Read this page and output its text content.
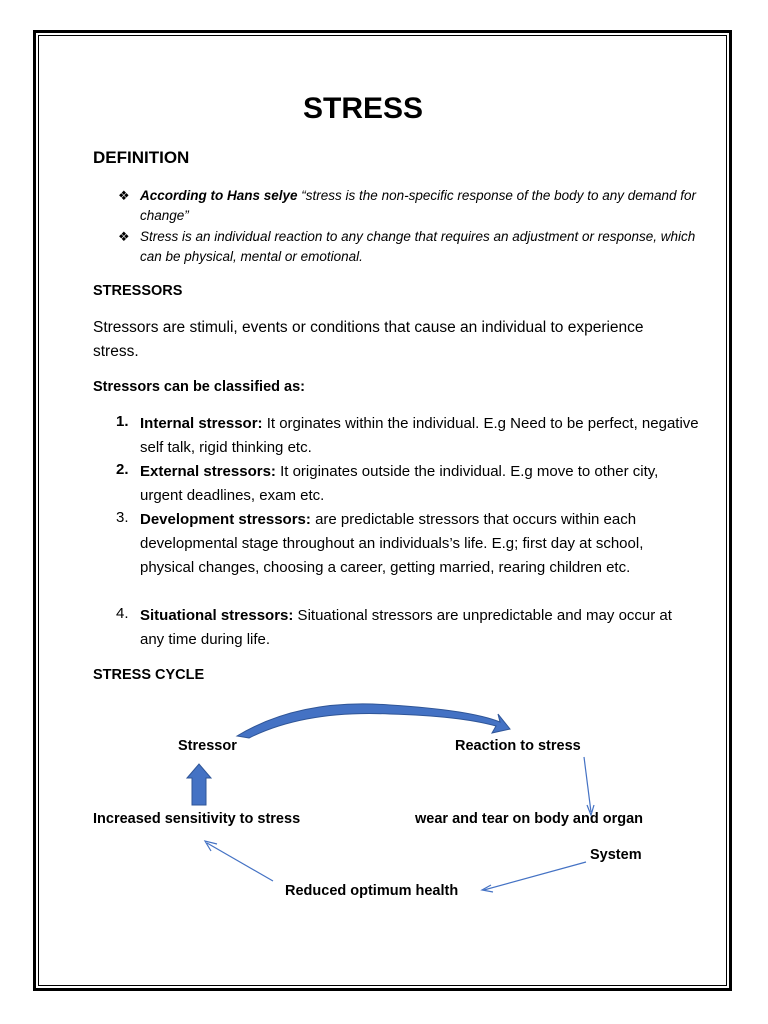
STRESS
DEFINITION
❖ According to Hans selye “stress is the non-specific response of the body to any demand for change”
❖ Stress is an individual reaction to any change that requires an adjustment or response, which can be physical, mental or emotional.
STRESSORS
Stressors are stimuli, events or conditions that cause an individual to experience stress.
Stressors can be classified as:
1. Internal stressor: It orginates within the individual. E.g Need to be perfect, negative self talk, rigid thinking etc.
2. External stressors: It originates outside the individual. E.g move to other city, urgent deadlines, exam etc.
3. Development stressors: are predictable stressors that occurs within each developmental stage throughout an individuals’s life. E.g; first day at school, physical changes, choosing a career, getting married, rearing children etc.
4. Situational stressors: Situational stressors are unpredictable and may occur at any time during life.
STRESS CYCLE
Stressor	Reaction to stress
Increased sensitivity to stress	wear and tear on body and organ
System
Reduced optimum health
